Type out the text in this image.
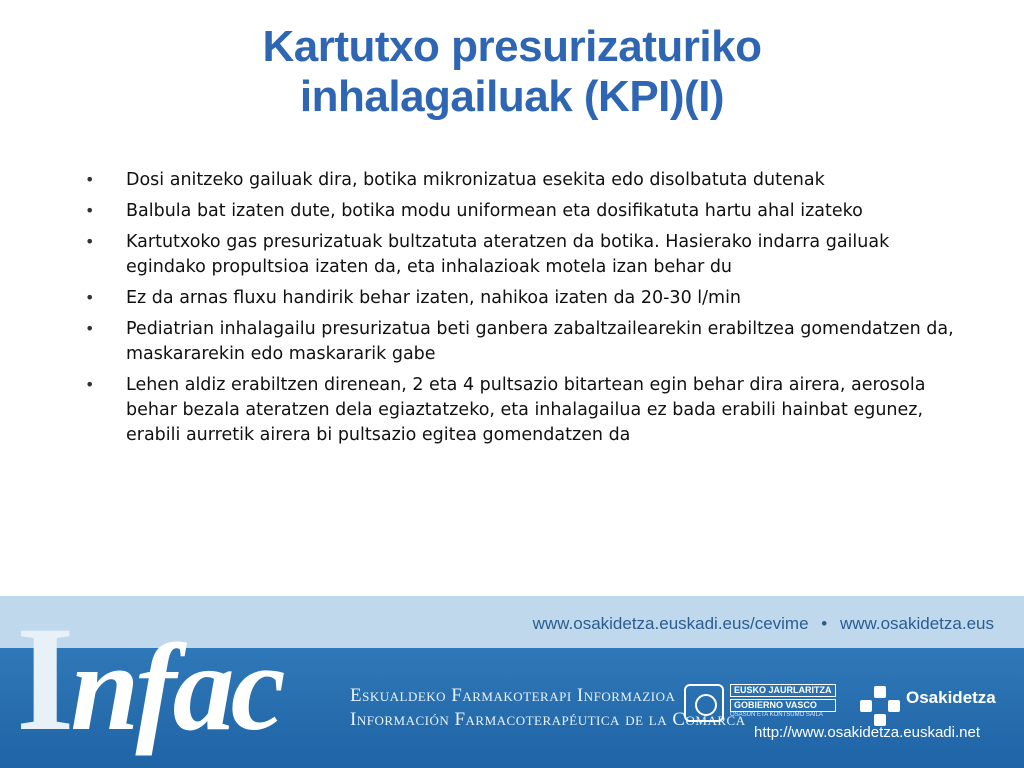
Kartutxo presurizaturiko
inhalagailuak (KPI)(I)
• Dosi anitzeko gailuak dira, botika mikronizatua esekita edo disolbatuta dutenak
• Balbula bat izaten dute, botika modu uniformean eta dosifikatuta hartu ahal izateko
• Kartutxoko gas presurizatuak bultzatuta ateratzen da botika. Hasierako indarra gailuak egindako propultsioa izaten da, eta inhalazioak motela izan behar du
• Ez da arnas fluxu handirik behar izaten, nahikoa izaten da 20-30 l/min
• Pediatrian inhalagailu presurizatua beti ganbera zabaltzailearekin erabiltzea gomendatzen da, maskararekin edo maskararik gabe
• Lehen aldiz erabiltzen direnean, 2 eta 4 pultsazio bitartean egin behar dira airera, aerosola behar bezala ateratzen dela egiaztatzeko, eta inhalagailua ez bada erabili hainbat egunez, erabili aurretik airera bi pultsazio egitea gomendatzen da
www.osakidetza.euskadi.eus/cevime • www.osakidetza.eus
Infac	Eskualdeko Farmakoterapi Informazioa
Información Farmacoterapéutica de la Comarca
EUSKO JAURLARITZA
GOBIERNO VASCO
OSASUN ETA KONTSUMO SAILA
Osakidetza
http://www.osakidetza.euskadi.net
